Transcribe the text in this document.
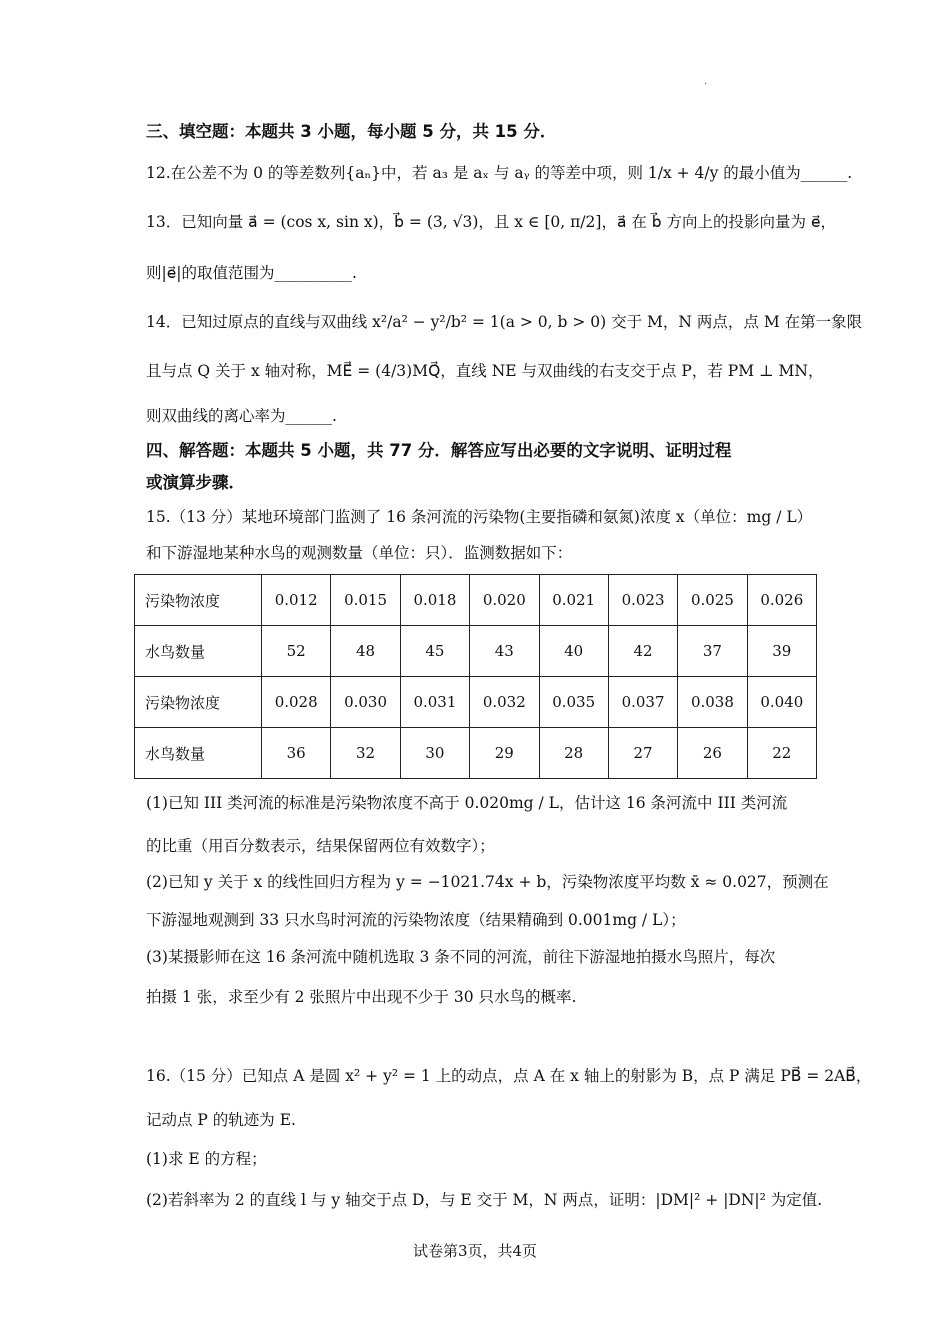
.
三、填空题：本题共 3 小题，每小题 5 分，共 15 分．
12.在公差不为 0 的等差数列{aₙ}中，若 a₃ 是 aₓ 与 aᵧ 的等差中项，则 1/x + 4/y 的最小值为______.
13．已知向量 a⃗ = (cos x, sin x)，b⃗ = (3, √3)，且 x ∈ [0, π/2]，a⃗ 在 b⃗ 方向上的投影向量为 e⃗，
则|e⃗|的取值范围为__________.
14．已知过原点的直线与双曲线 x²/a² − y²/b² = 1(a > 0, b > 0) 交于 M，N 两点，点 M 在第一象限
且与点 Q 关于 x 轴对称，ME⃗ = (4/3)MQ⃗，直线 NE 与双曲线的右支交于点 P，若 PM ⊥ MN，
则双曲线的离心率为______.
四、解答题：本题共 5 小题，共 77 分．解答应写出必要的文字说明、证明过程
或演算步骤．
15.（13 分）某地环境部门监测了 16 条河流的污染物(主要指磷和氨氮)浓度 x（单位：mg / L）
和下游湿地某种水鸟的观测数量（单位：只）．监测数据如下：
污染物浓度	0.012	0.015	0.018	0.020	0.021	0.023	0.025	0.026
水鸟数量	52	48	45	43	40	42	37	39
污染物浓度	0.028	0.030	0.031	0.032	0.035	0.037	0.038	0.040
水鸟数量	36	32	30	29	28	27	26	22
(1)已知 III 类河流的标准是污染物浓度不高于 0.020mg / L，估计这 16 条河流中 III 类河流
的比重（用百分数表示，结果保留两位有效数字）；
(2)已知 y 关于 x 的线性回归方程为 y = −1021.74x + b，污染物浓度平均数 x̄ ≈ 0.027，预测在
下游湿地观测到 33 只水鸟时河流的污染物浓度（结果精确到 0.001mg / L）；
(3)某摄影师在这 16 条河流中随机选取 3 条不同的河流，前往下游湿地拍摄水鸟照片，每次
拍摄 1 张，求至少有 2 张照片中出现不少于 30 只水鸟的概率.
16.（15 分）已知点 A 是圆 x² + y² = 1 上的动点，点 A 在 x 轴上的射影为 B，点 P 满足 PB⃗ = 2AB⃗，
记动点 P 的轨迹为 E.
(1)求 E 的方程；
(2)若斜率为 2 的直线 l 与 y 轴交于点 D，与 E 交于 M，N 两点，证明：|DM|² + |DN|² 为定值.
试卷第3页，共4页
